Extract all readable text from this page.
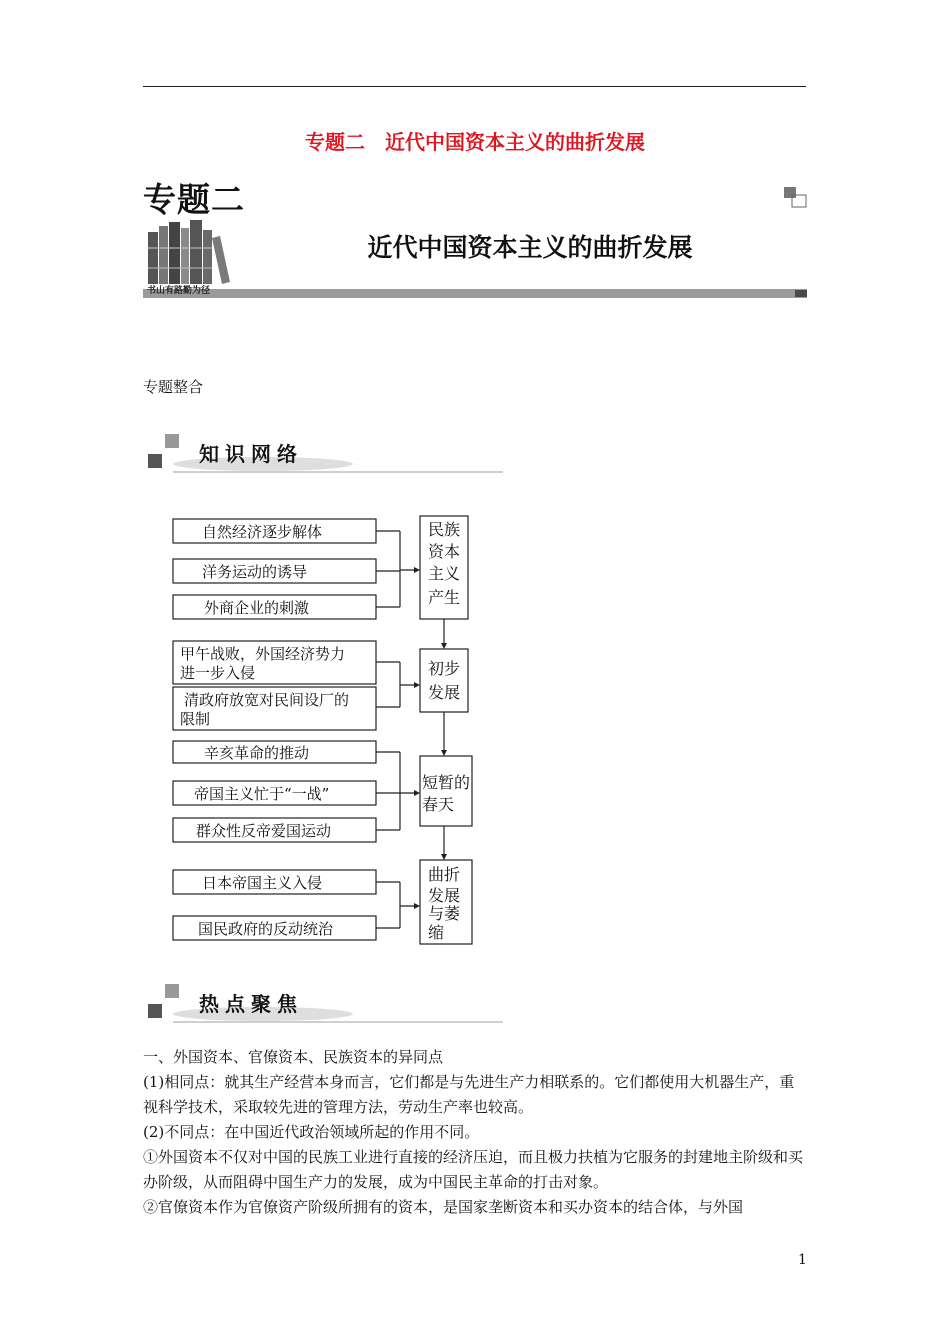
专题二　近代中国资本主义的曲折发展
专题二
书山有路勤为径
近代中国资本主义的曲折发展
专题整合
知识网络
自然经济逐步解体
洋务运动的诱导
外商企业的刺激
甲午战败，外国经济势力
进一步入侵
清政府放宽对民间设厂的
限制
辛亥革命的推动
帝国主义忙于“一战”
群众性反帝爱国运动
日本帝国主义入侵
国民政府的反动统治
民族
资本
主义
产生
初步
发展
短暂的
春天
曲折
发展
与萎
缩
热点聚焦
一、外国资本、官僚资本、民族资本的异同点
(1)相同点：就其生产经营本身而言，它们都是与先进生产力相联系的。它们都使用大机器生产，重视科学技术，采取较先进的管理方法，劳动生产率也较高。
(2)不同点：在中国近代政治领域所起的作用不同。
①外国资本不仅对中国的民族工业进行直接的经济压迫，而且极力扶植为它服务的封建地主阶级和买办阶级，从而阻碍中国生产力的发展，成为中国民主革命的打击对象。
②官僚资本作为官僚资产阶级所拥有的资本，是国家垄断资本和买办资本的结合体，与外国
1
